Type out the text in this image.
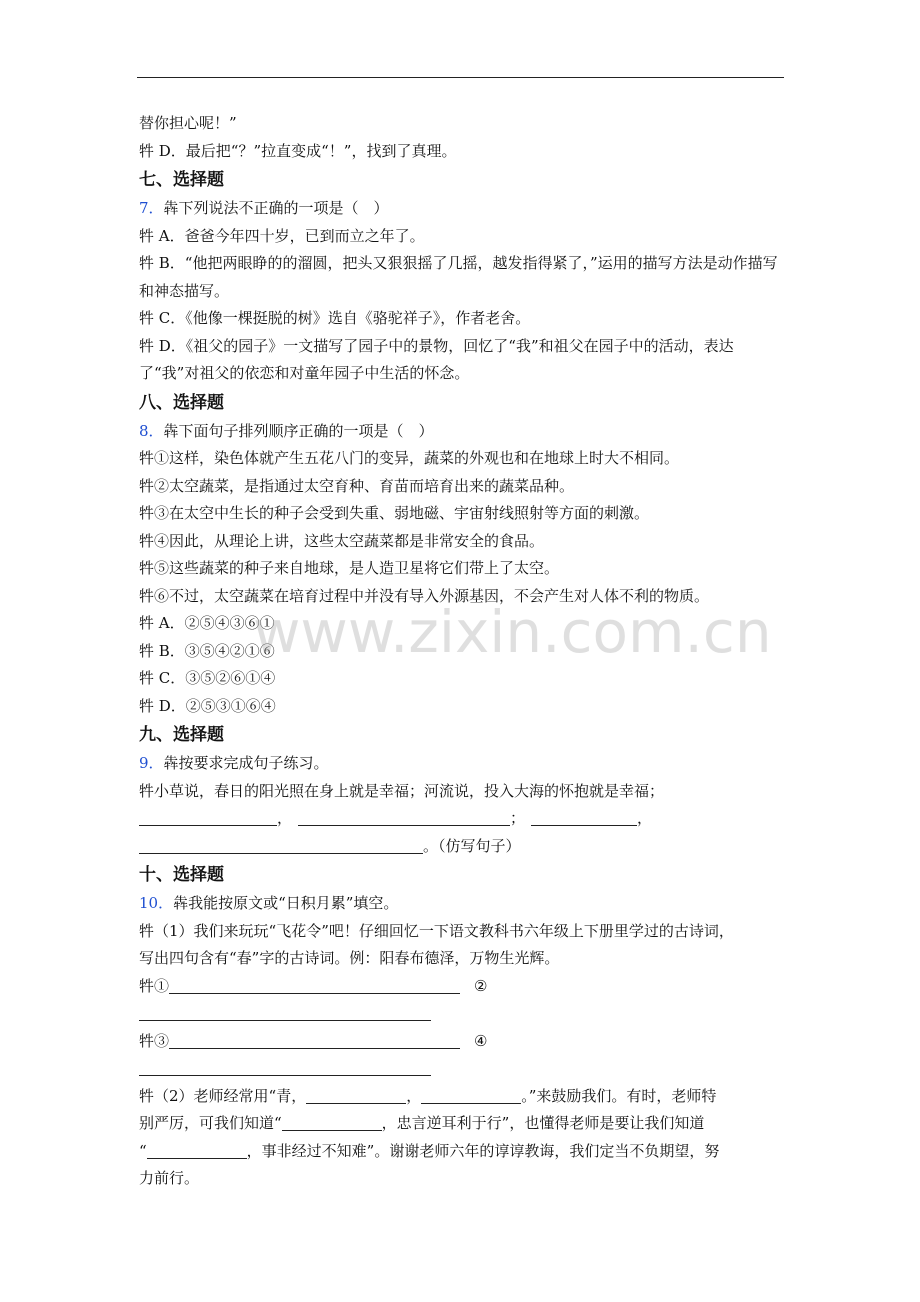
替你担心呢！”
牪 D．最后把“？”拉直变成“！”，找到了真理。
七、选择题
7．犇下列说法不正确的一项是（　）
牪 A．爸爸今年四十岁，已到而立之年了。
牪 B．“他把两眼睁的的溜圆，把头又狠狠摇了几摇，越发指得紧了，”运用的描写方法是动作描写和神态描写。
牪 C．《他像一棵挺脱的树》选自《骆驼祥子》，作者老舍。
牪 D．《祖父的园子》一文描写了园子中的景物，回忆了“我”和祖父在园子中的活动，表达了“我”对祖父的依恋和对童年园子中生活的怀念。
八、选择题
8．犇下面句子排列顺序正确的一项是（　）
牪①这样，染色体就产生五花八门的变异，蔬菜的外观也和在地球上时大不相同。
牪②太空蔬菜，是指通过太空育种、育苗而培育出来的蔬菜品种。
牪③在太空中生长的种子会受到失重、弱地磁、宇宙射线照射等方面的刺激。
牪④因此，从理论上讲，这些太空蔬菜都是非常安全的食品。
牪⑤这些蔬菜的种子来自地球，是人造卫星将它们带上了太空。
牪⑥不过，太空蔬菜在培育过程中并没有导入外源基因，不会产生对人体不利的物质。
牪 A．②⑤④③⑥①
牪 B．③⑤④②①⑥
牪 C．③⑤②⑥①④
牪 D．②⑤③①⑥④
九、选择题
9．犇按要求完成句子练习。
牪小草说，春日的阳光照在身上就是幸福；河流说，投入大海的怀抱就是幸福；
，	；	，
。（仿写句子）
十、选择题
10．犇我能按原文或“日积月累”填空。
牪（1）我们来玩玩“飞花令”吧！仔细回忆一下语文教科书六年级上下册里学过的古诗词，
写出四句含有“春”字的古诗词。例：阳春布德泽，万物生光辉。
牪①	②
牪③	④
牪（2）老师经常用“青，	，	。”来鼓励我们。有时，老师特
别严厉，可我们知道“	，忠言逆耳利于行”，也懂得老师是要让我们知道
“	，事非经过不知难”。谢谢老师六年的谆谆教诲，我们定当不负期望，努
力前行。
www.zixin.com.cn
